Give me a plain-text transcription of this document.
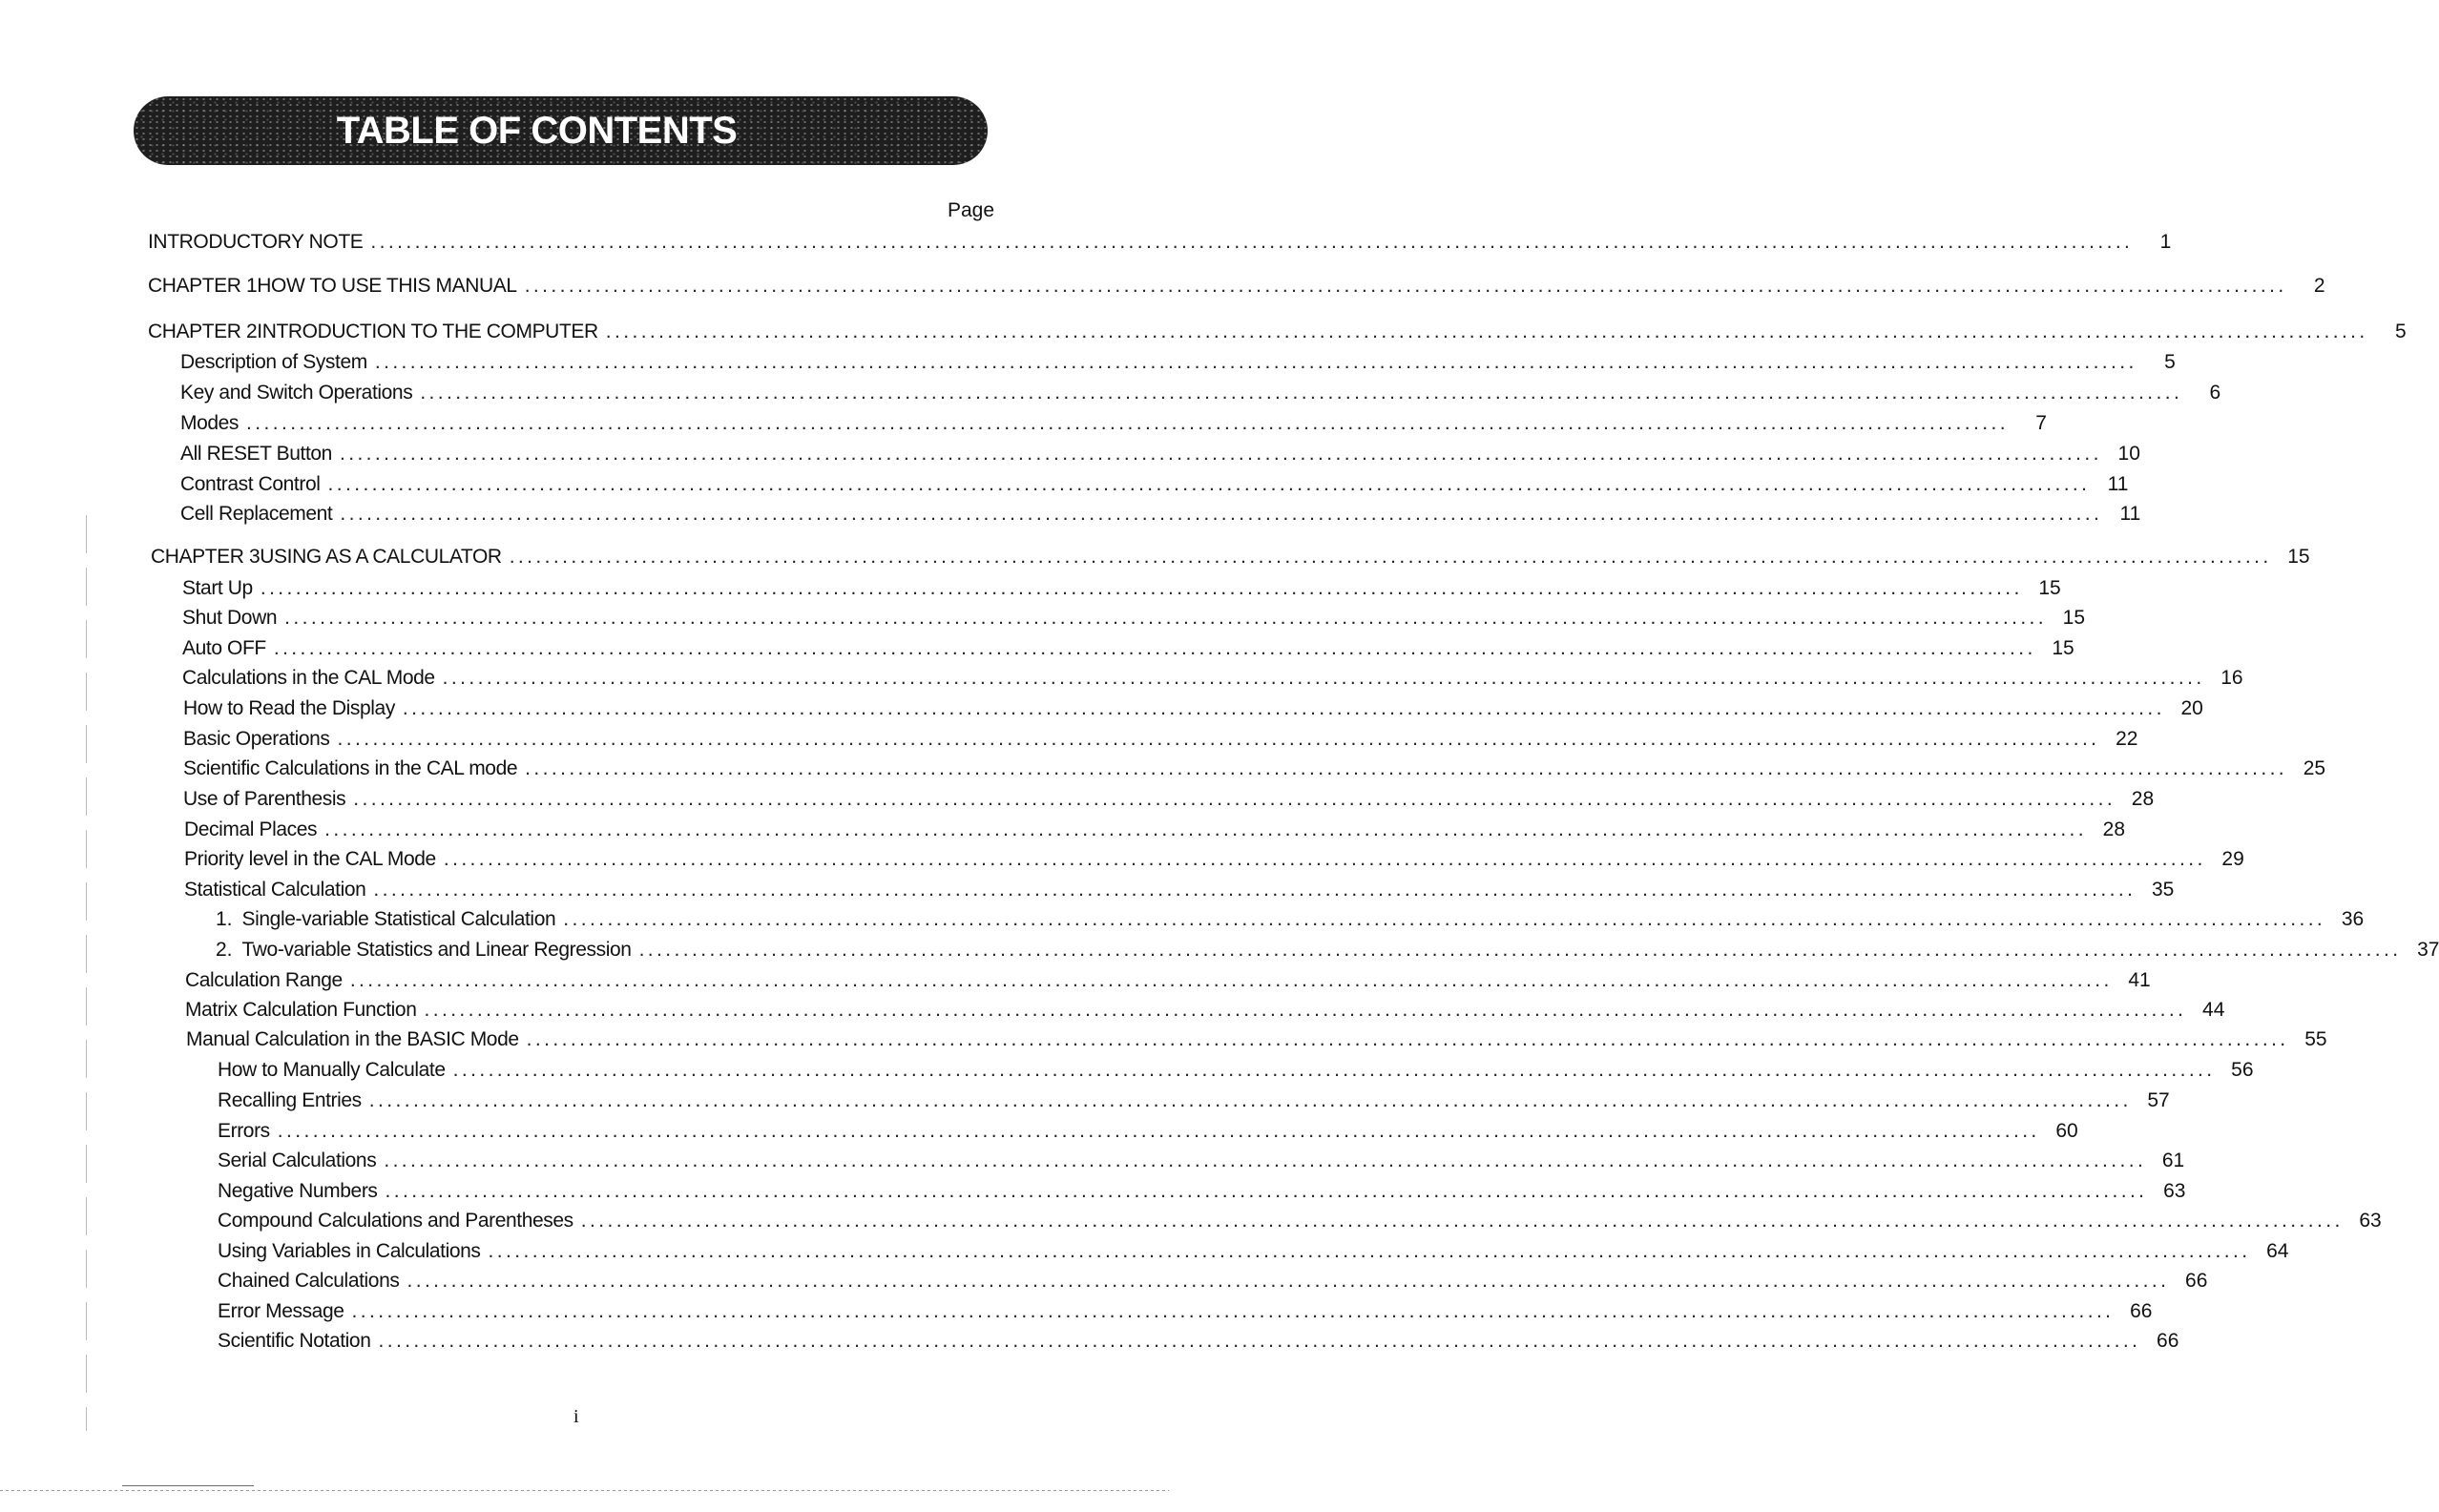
TABLE OF CONTENTS
Page
INTRODUCTORY NOTE ........................................................................................................................................................................................................	1
CHAPTER 1 HOW TO USE THIS MANUAL ........................................................................................................................................................................................................	2
CHAPTER 2 INTRODUCTION TO THE COMPUTER ........................................................................................................................................................................................................	5
Description of System ........................................................................................................................................................................................................	5
Key and Switch Operations ........................................................................................................................................................................................................	6
Modes ........................................................................................................................................................................................................	7
All RESET Button ........................................................................................................................................................................................................ 10
Contrast Control ........................................................................................................................................................................................................ 11
Cell Replacement ........................................................................................................................................................................................................ 11
CHAPTER 3 USING AS A CALCULATOR ........................................................................................................................................................................................................ 15
Start Up ........................................................................................................................................................................................................ 15
Shut Down ........................................................................................................................................................................................................ 15
Auto OFF ........................................................................................................................................................................................................ 15
Calculations in the CAL Mode ........................................................................................................................................................................................................ 16
How to Read the Display ........................................................................................................................................................................................................ 20
Basic Operations ........................................................................................................................................................................................................ 22
Scientific Calculations in the CAL mode ........................................................................................................................................................................................................ 25
Use of Parenthesis ........................................................................................................................................................................................................ 28
Decimal Places ........................................................................................................................................................................................................ 28
Priority level in the CAL Mode ........................................................................................................................................................................................................ 29
Statistical Calculation ........................................................................................................................................................................................................ 35
1. Single-variable Statistical Calculation ........................................................................................................................................................................................................ 36
2. Two-variable Statistics and Linear Regression ........................................................................................................................................................................................................ 37
Calculation Range ........................................................................................................................................................................................................ 41
Matrix Calculation Function ........................................................................................................................................................................................................ 44
Manual Calculation in the BASIC Mode ........................................................................................................................................................................................................ 55
How to Manually Calculate ........................................................................................................................................................................................................ 56
Recalling Entries ........................................................................................................................................................................................................ 57
Errors ........................................................................................................................................................................................................ 60
Serial Calculations ........................................................................................................................................................................................................ 61
Negative Numbers ........................................................................................................................................................................................................ 63
Compound Calculations and Parentheses ........................................................................................................................................................................................................ 63
Using Variables in Calculations ........................................................................................................................................................................................................ 64
Chained Calculations ........................................................................................................................................................................................................ 66
Error Message ........................................................................................................................................................................................................ 66
Scientific Notation ........................................................................................................................................................................................................ 66
i
